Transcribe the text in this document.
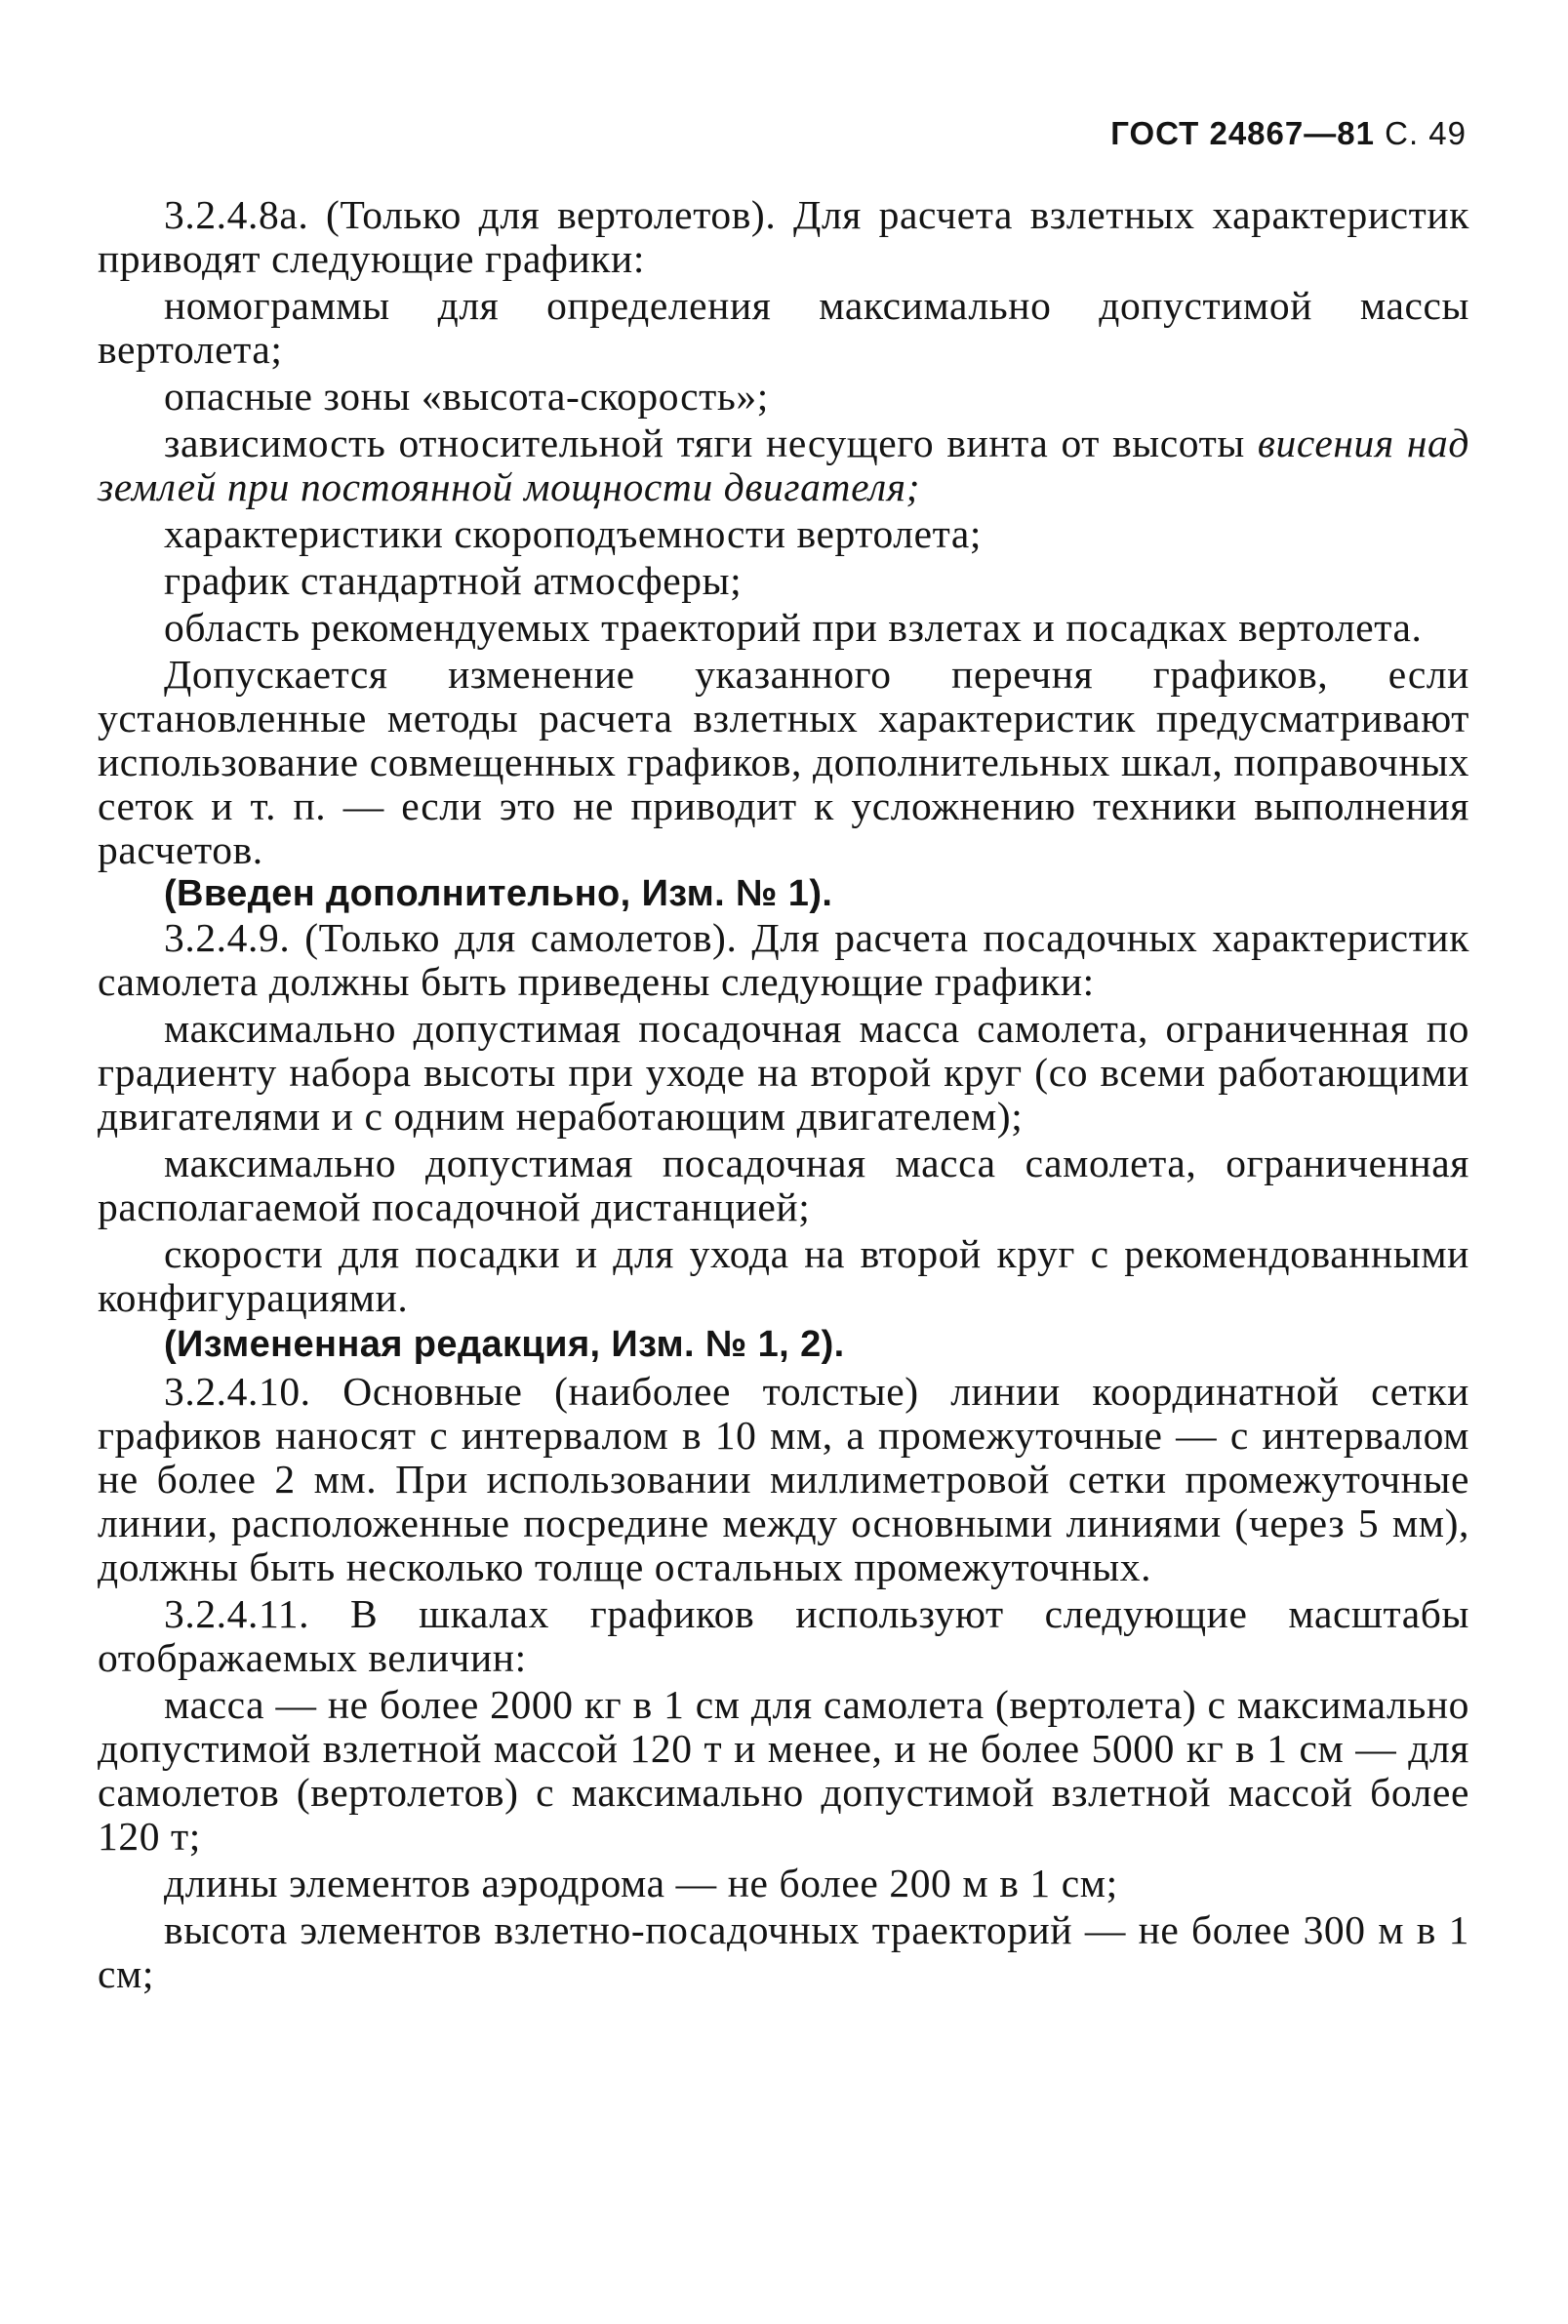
ГОСТ 24867—81 С. 49

3.2.4.8а. (Только для вертолетов). Для расчета взлетных характеристик приводят следующие графики:

номограммы для определения максимально допустимой массы вертолета;

опасные зоны «высота-скорость»;

зависимость относительной тяги несущего винта от высоты висения над землей при постоянной мощности двигателя;

характеристики скороподъемности вертолета;

график стандартной атмосферы;

область рекомендуемых траекторий при взлетах и посадках вертолета.

Допускается изменение указанного перечня графиков, если установленные методы расчета взлетных характеристик предусматривают использование совмещенных графиков, дополнительных шкал, поправочных сеток и т. п. — если это не приводит к усложнению техники выполнения расчетов.

(Введен дополнительно, Изм. № 1).

3.2.4.9. (Только для самолетов). Для расчета посадочных характеристик самолета должны быть приведены следующие графики:

максимально допустимая посадочная масса самолета, ограниченная по градиенту набора высоты при уходе на второй круг (со всеми работающими двигателями и с одним неработающим двигателем);

максимально допустимая посадочная масса самолета, ограниченная располагаемой посадочной дистанцией;

скорости для посадки и для ухода на второй круг с рекомендованными конфигурациями.

(Измененная редакция, Изм. № 1, 2).

3.2.4.10. Основные (наиболее толстые) линии координатной сетки графиков наносят с интервалом в 10 мм, а промежуточные — с интервалом не более 2 мм. При использовании миллиметровой сетки промежуточные линии, расположенные посредине между основными линиями (через 5 мм), должны быть несколько толще остальных промежуточных.

3.2.4.11. В шкалах графиков используют следующие масштабы отображаемых величин:

масса — не более 2000 кг в 1 см для самолета (вертолета) с максимально допустимой взлетной массой 120 т и менее, и не более 5000 кг в 1 см — для самолетов (вертолетов) с максимально допустимой взлетной массой более 120 т;

длины элементов аэродрома — не более 200 м в 1 см;

высота элементов взлетно-посадочных траекторий — не более 300 м в 1 см;
